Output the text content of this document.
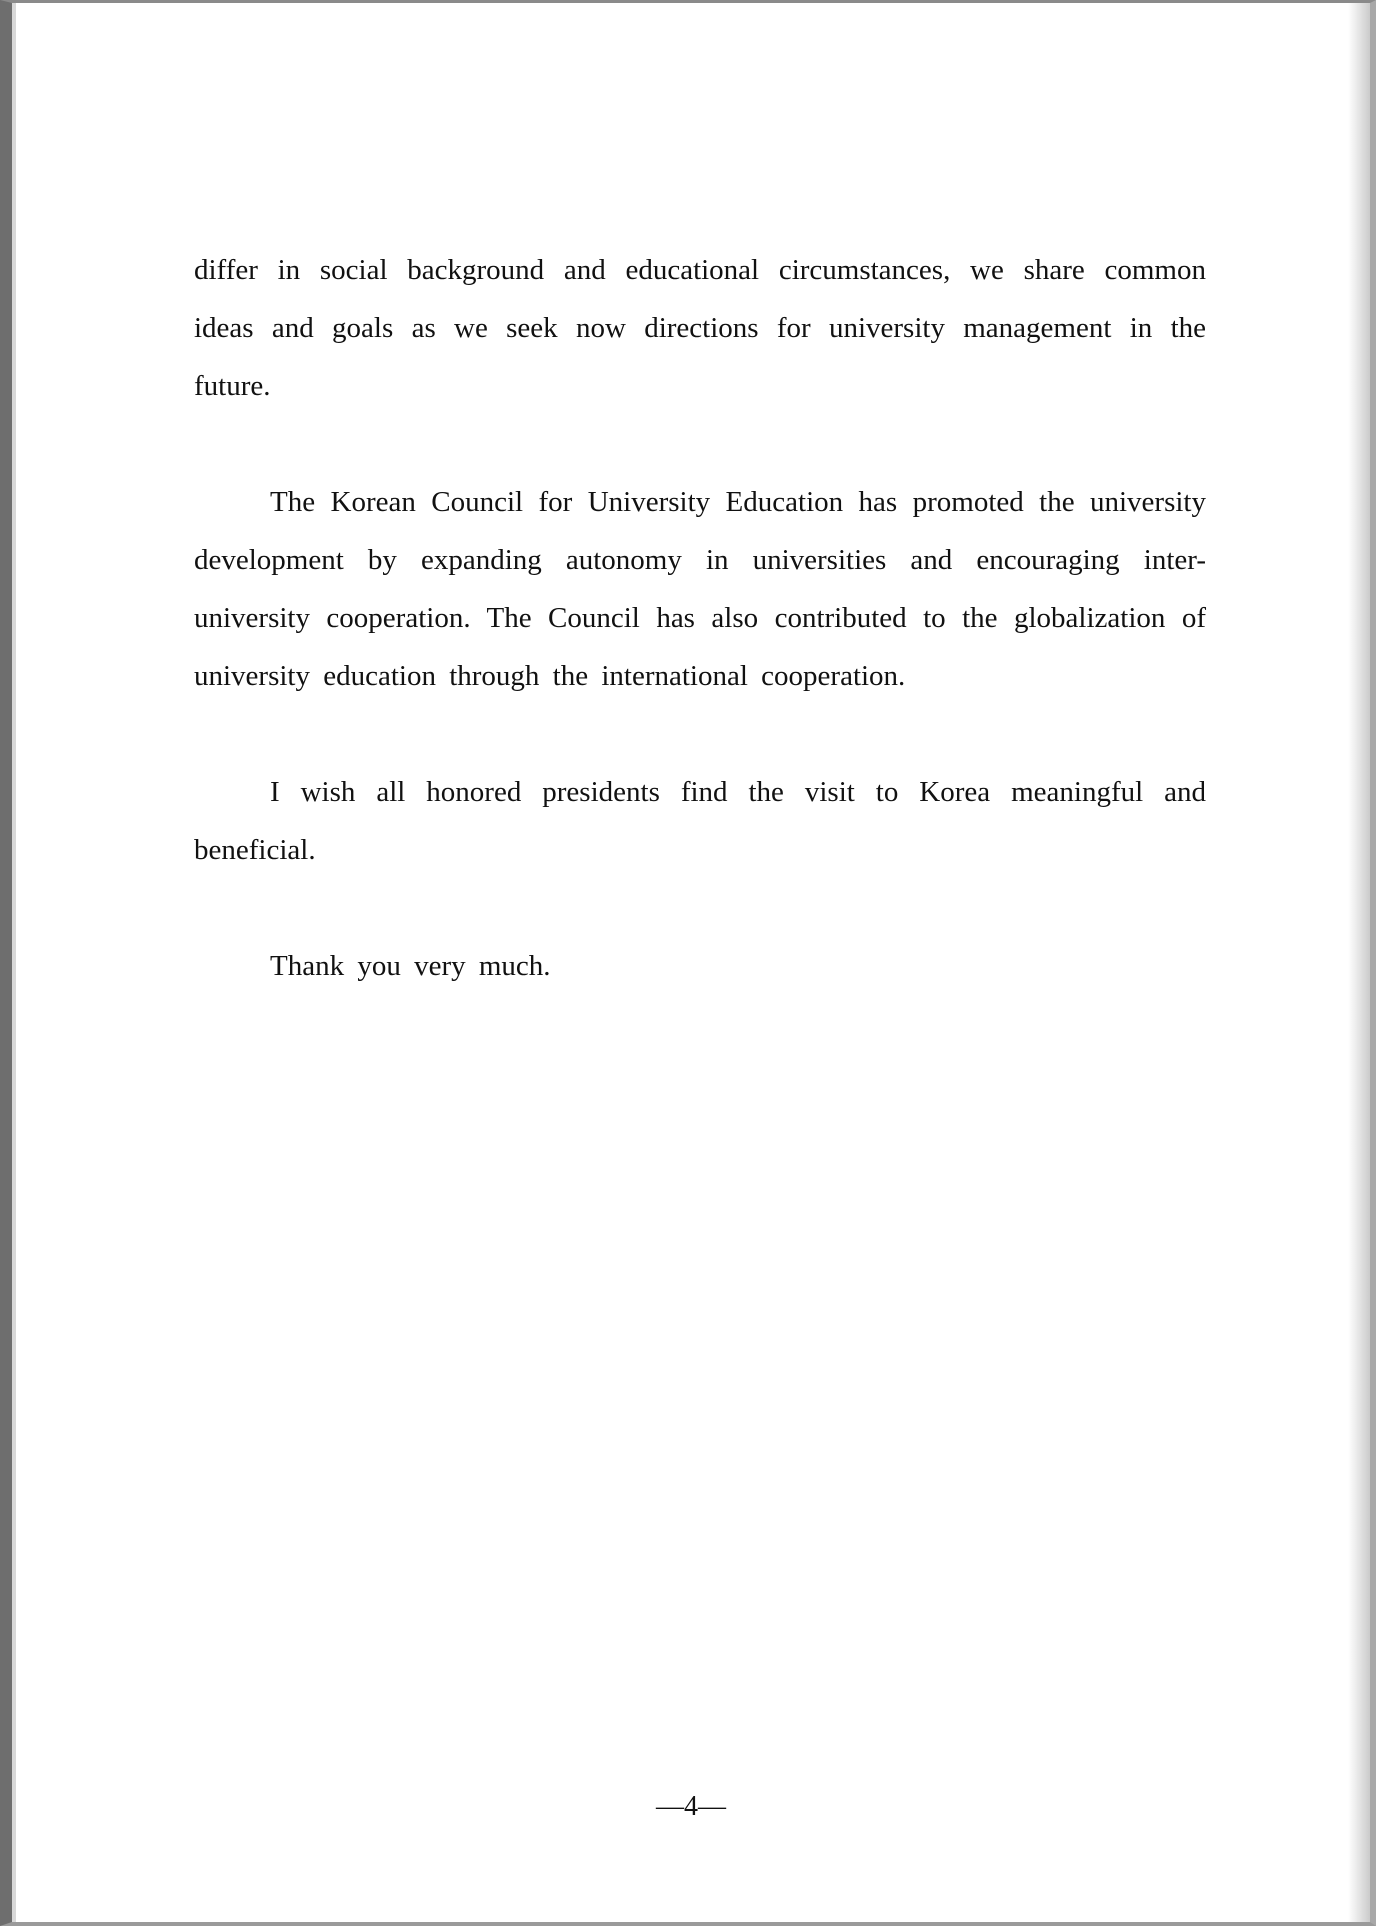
differ in social background and educational circumstances, we share common ideas and goals as we seek now directions for university management in the future.

The Korean Council for University Education has promoted the university development by expanding autonomy in universities and encouraging inter-university cooperation. The Council has also contributed to the globalization of university education through the international cooperation.

I wish all honored presidents find the visit to Korea meaningful and beneficial.

Thank you very much.

—4—
